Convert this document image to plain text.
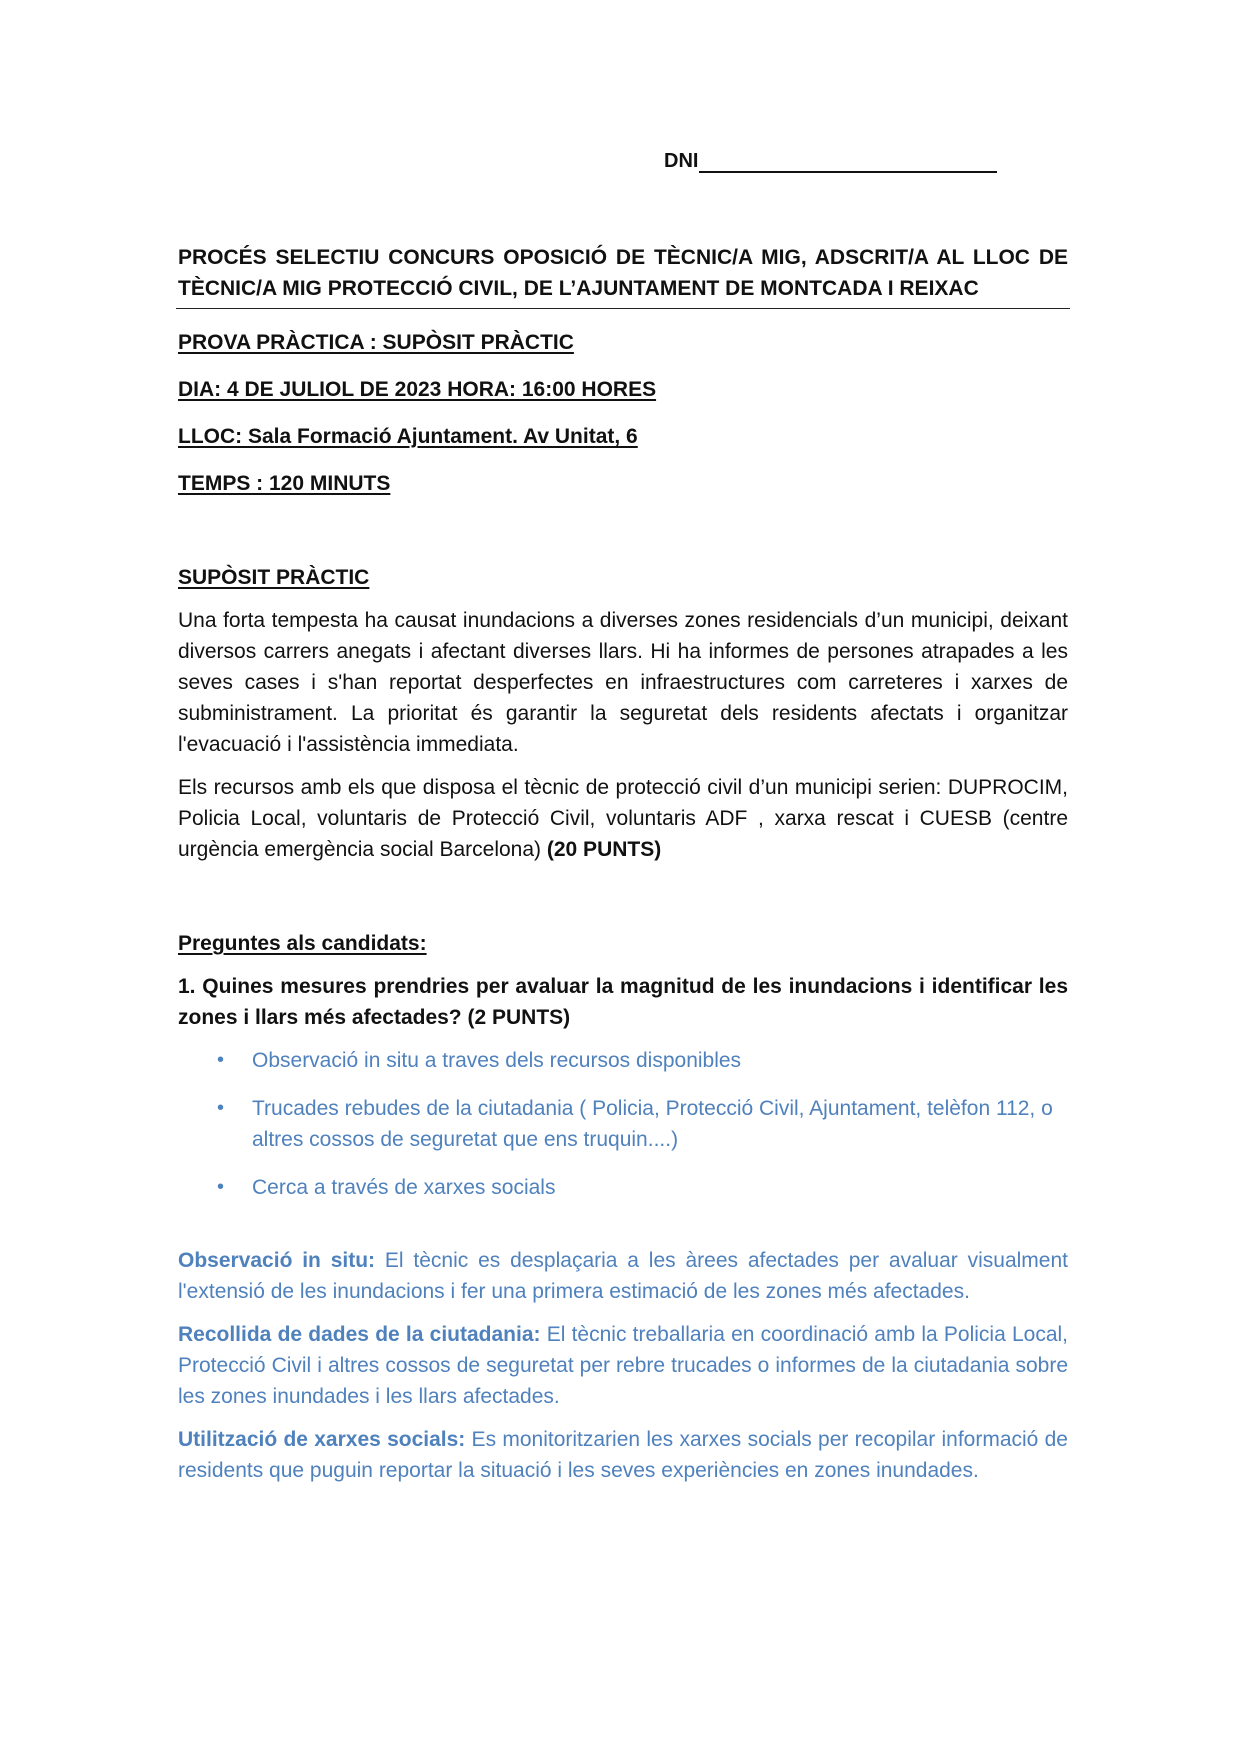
DNI

PROCÉS SELECTIU CONCURS OPOSICIÓ DE TÈCNIC/A MIG, ADSCRIT/A AL LLOC DE TÈCNIC/A MIG PROTECCIÓ CIVIL, DE L’AJUNTAMENT DE MONTCADA I REIXAC

PROVA PRÀCTICA : SUPÒSIT PRÀCTIC

DIA: 4 DE JULIOL DE 2023 HORA: 16:00 HORES

LLOC: Sala Formació Ajuntament. Av Unitat, 6

TEMPS : 120 MINUTS

SUPÒSIT PRÀCTIC

Una forta tempesta ha causat inundacions a diverses zones residencials d’un municipi, deixant diversos carrers anegats i afectant diverses llars. Hi ha informes de persones atrapades a les seves cases i s'han reportat desperfectes en infraestructures com carreteres i xarxes de subministrament. La prioritat és garantir la seguretat dels residents afectats i organitzar l'evacuació i l'assistència immediata.

Els recursos amb els que disposa el tècnic de protecció civil d’un municipi serien: DUPROCIM, Policia Local, voluntaris de Protecció Civil, voluntaris ADF , xarxa rescat i CUESB (centre urgència emergència social Barcelona) (20 PUNTS)

Preguntes als candidats:

1. Quines mesures prendries per avaluar la magnitud de les inundacions i identificar les zones i llars més afectades? (2 PUNTS)

• Observació in situ a traves dels recursos disponibles
• Trucades rebudes de la ciutadania ( Policia, Protecció Civil, Ajuntament, telèfon 112, o altres cossos de seguretat que ens truquin....)
• Cerca a través de xarxes socials

Observació in situ: El tècnic es desplaçaria a les àrees afectades per avaluar visualment l'extensió de les inundacions i fer una primera estimació de les zones més afectades.

Recollida de dades de la ciutadania: El tècnic treballaria en coordinació amb la Policia Local, Protecció Civil i altres cossos de seguretat per rebre trucades o informes de la ciutadania sobre les zones inundades i les llars afectades.

Utilització de xarxes socials: Es monitoritzarien les xarxes socials per recopilar informació de residents que puguin reportar la situació i les seves experiències en zones inundades.
